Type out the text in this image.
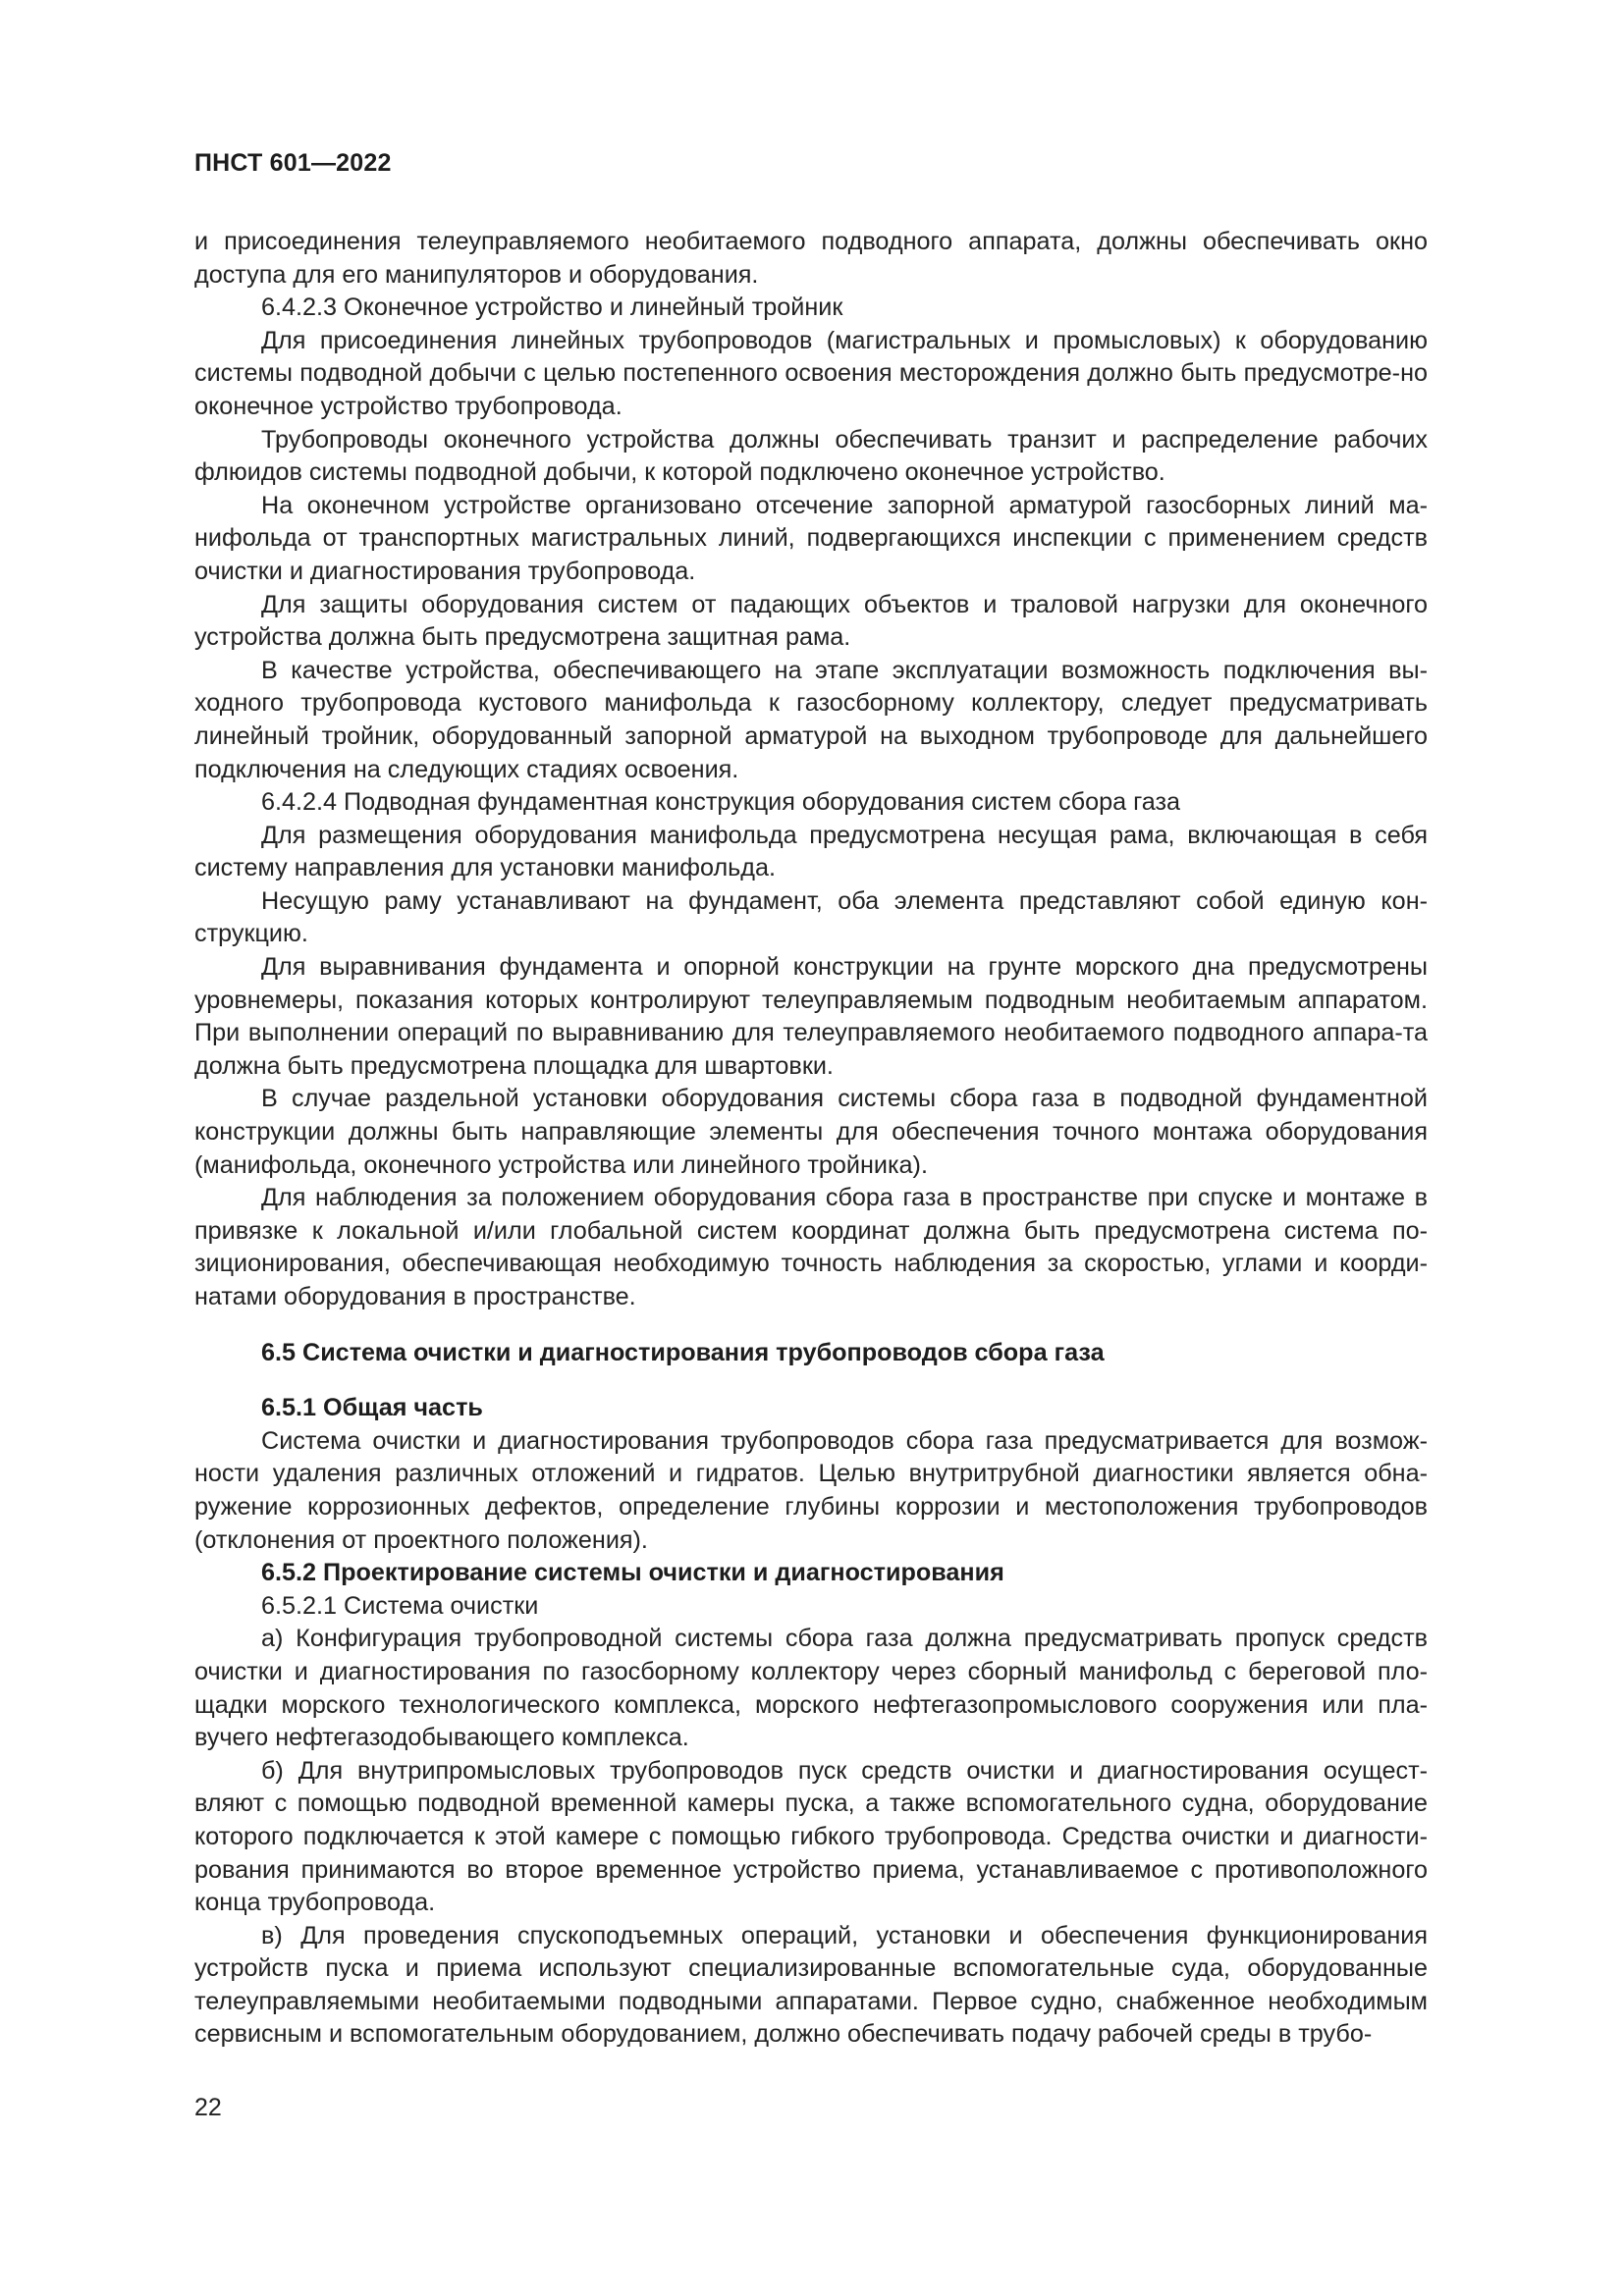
ПНСТ 601—2022

и присоединения телеуправляемого необитаемого подводного аппарата, должны обеспечивать окно доступа для его манипуляторов и оборудования.

6.4.2.3 Оконечное устройство и линейный тройник

Для присоединения линейных трубопроводов (магистральных и промысловых) к оборудованию системы подводной добычи с целью постепенного освоения месторождения должно быть предусмотре-но оконечное устройство трубопровода.

Трубопроводы оконечного устройства должны обеспечивать транзит и распределение рабочих флюидов системы подводной добычи, к которой подключено оконечное устройство.

На оконечном устройстве организовано отсечение запорной арматурой газосборных линий ма-нифольда от транспортных магистральных линий, подвергающихся инспекции с применением средств очистки и диагностирования трубопровода.

Для защиты оборудования систем от падающих объектов и траловой нагрузки для оконечного устройства должна быть предусмотрена защитная рама.

В качестве устройства, обеспечивающего на этапе эксплуатации возможность подключения вы-ходного трубопровода кустового манифольда к газосборному коллектору, следует предусматривать линейный тройник, оборудованный запорной арматурой на выходном трубопроводе для дальнейшего подключения на следующих стадиях освоения.

6.4.2.4 Подводная фундаментная конструкция оборудования систем сбора газа

Для размещения оборудования манифольда предусмотрена несущая рама, включающая в себя систему направления для установки манифольда.

Несущую раму устанавливают на фундамент, оба элемента представляют собой единую кон-струкцию.

Для выравнивания фундамента и опорной конструкции на грунте морского дна предусмотрены уровнемеры, показания которых контролируют телеуправляемым подводным необитаемым аппаратом. При выполнении операций по выравниванию для телеуправляемого необитаемого подводного аппара-та должна быть предусмотрена площадка для швартовки.

В случае раздельной установки оборудования системы сбора газа в подводной фундаментной конструкции должны быть направляющие элементы для обеспечения точного монтажа оборудования (манифольда, оконечного устройства или линейного тройника).

Для наблюдения за положением оборудования сбора газа в пространстве при спуске и монтаже в привязке к локальной и/или глобальной систем координат должна быть предусмотрена система по-зиционирования, обеспечивающая необходимую точность наблюдения за скоростью, углами и коорди-натами оборудования в пространстве.

6.5 Система очистки и диагностирования трубопроводов сбора газа

6.5.1 Общая часть

Система очистки и диагностирования трубопроводов сбора газа предусматривается для возмож-ности удаления различных отложений и гидратов. Целью внутритрубной диагностики является обна-ружение коррозионных дефектов, определение глубины коррозии и местоположения трубопроводов (отклонения от проектного положения).

6.5.2 Проектирование системы очистки и диагностирования

6.5.2.1 Система очистки

а) Конфигурация трубопроводной системы сбора газа должна предусматривать пропуск средств очистки и диагностирования по газосборному коллектору через сборный манифольд с береговой пло-щадки морского технологического комплекса, морского нефтегазопромыслового сооружения или пла-вучего нефтегазодобывающего комплекса.

б) Для внутрипромысловых трубопроводов пуск средств очистки и диагностирования осущест-вляют с помощью подводной временной камеры пуска, а также вспомогательного судна, оборудование которого подключается к этой камере с помощью гибкого трубопровода. Средства очистки и диагности-рования принимаются во второе временное устройство приема, устанавливаемое с противоположного конца трубопровода.

в) Для проведения спускоподъемных операций, установки и обеспечения функционирования устройств пуска и приема используют специализированные вспомогательные суда, оборудованные телеуправляемыми необитаемыми подводными аппаратами. Первое судно, снабженное необходимым сервисным и вспомогательным оборудованием, должно обеспечивать подачу рабочей среды в трубо-

22
